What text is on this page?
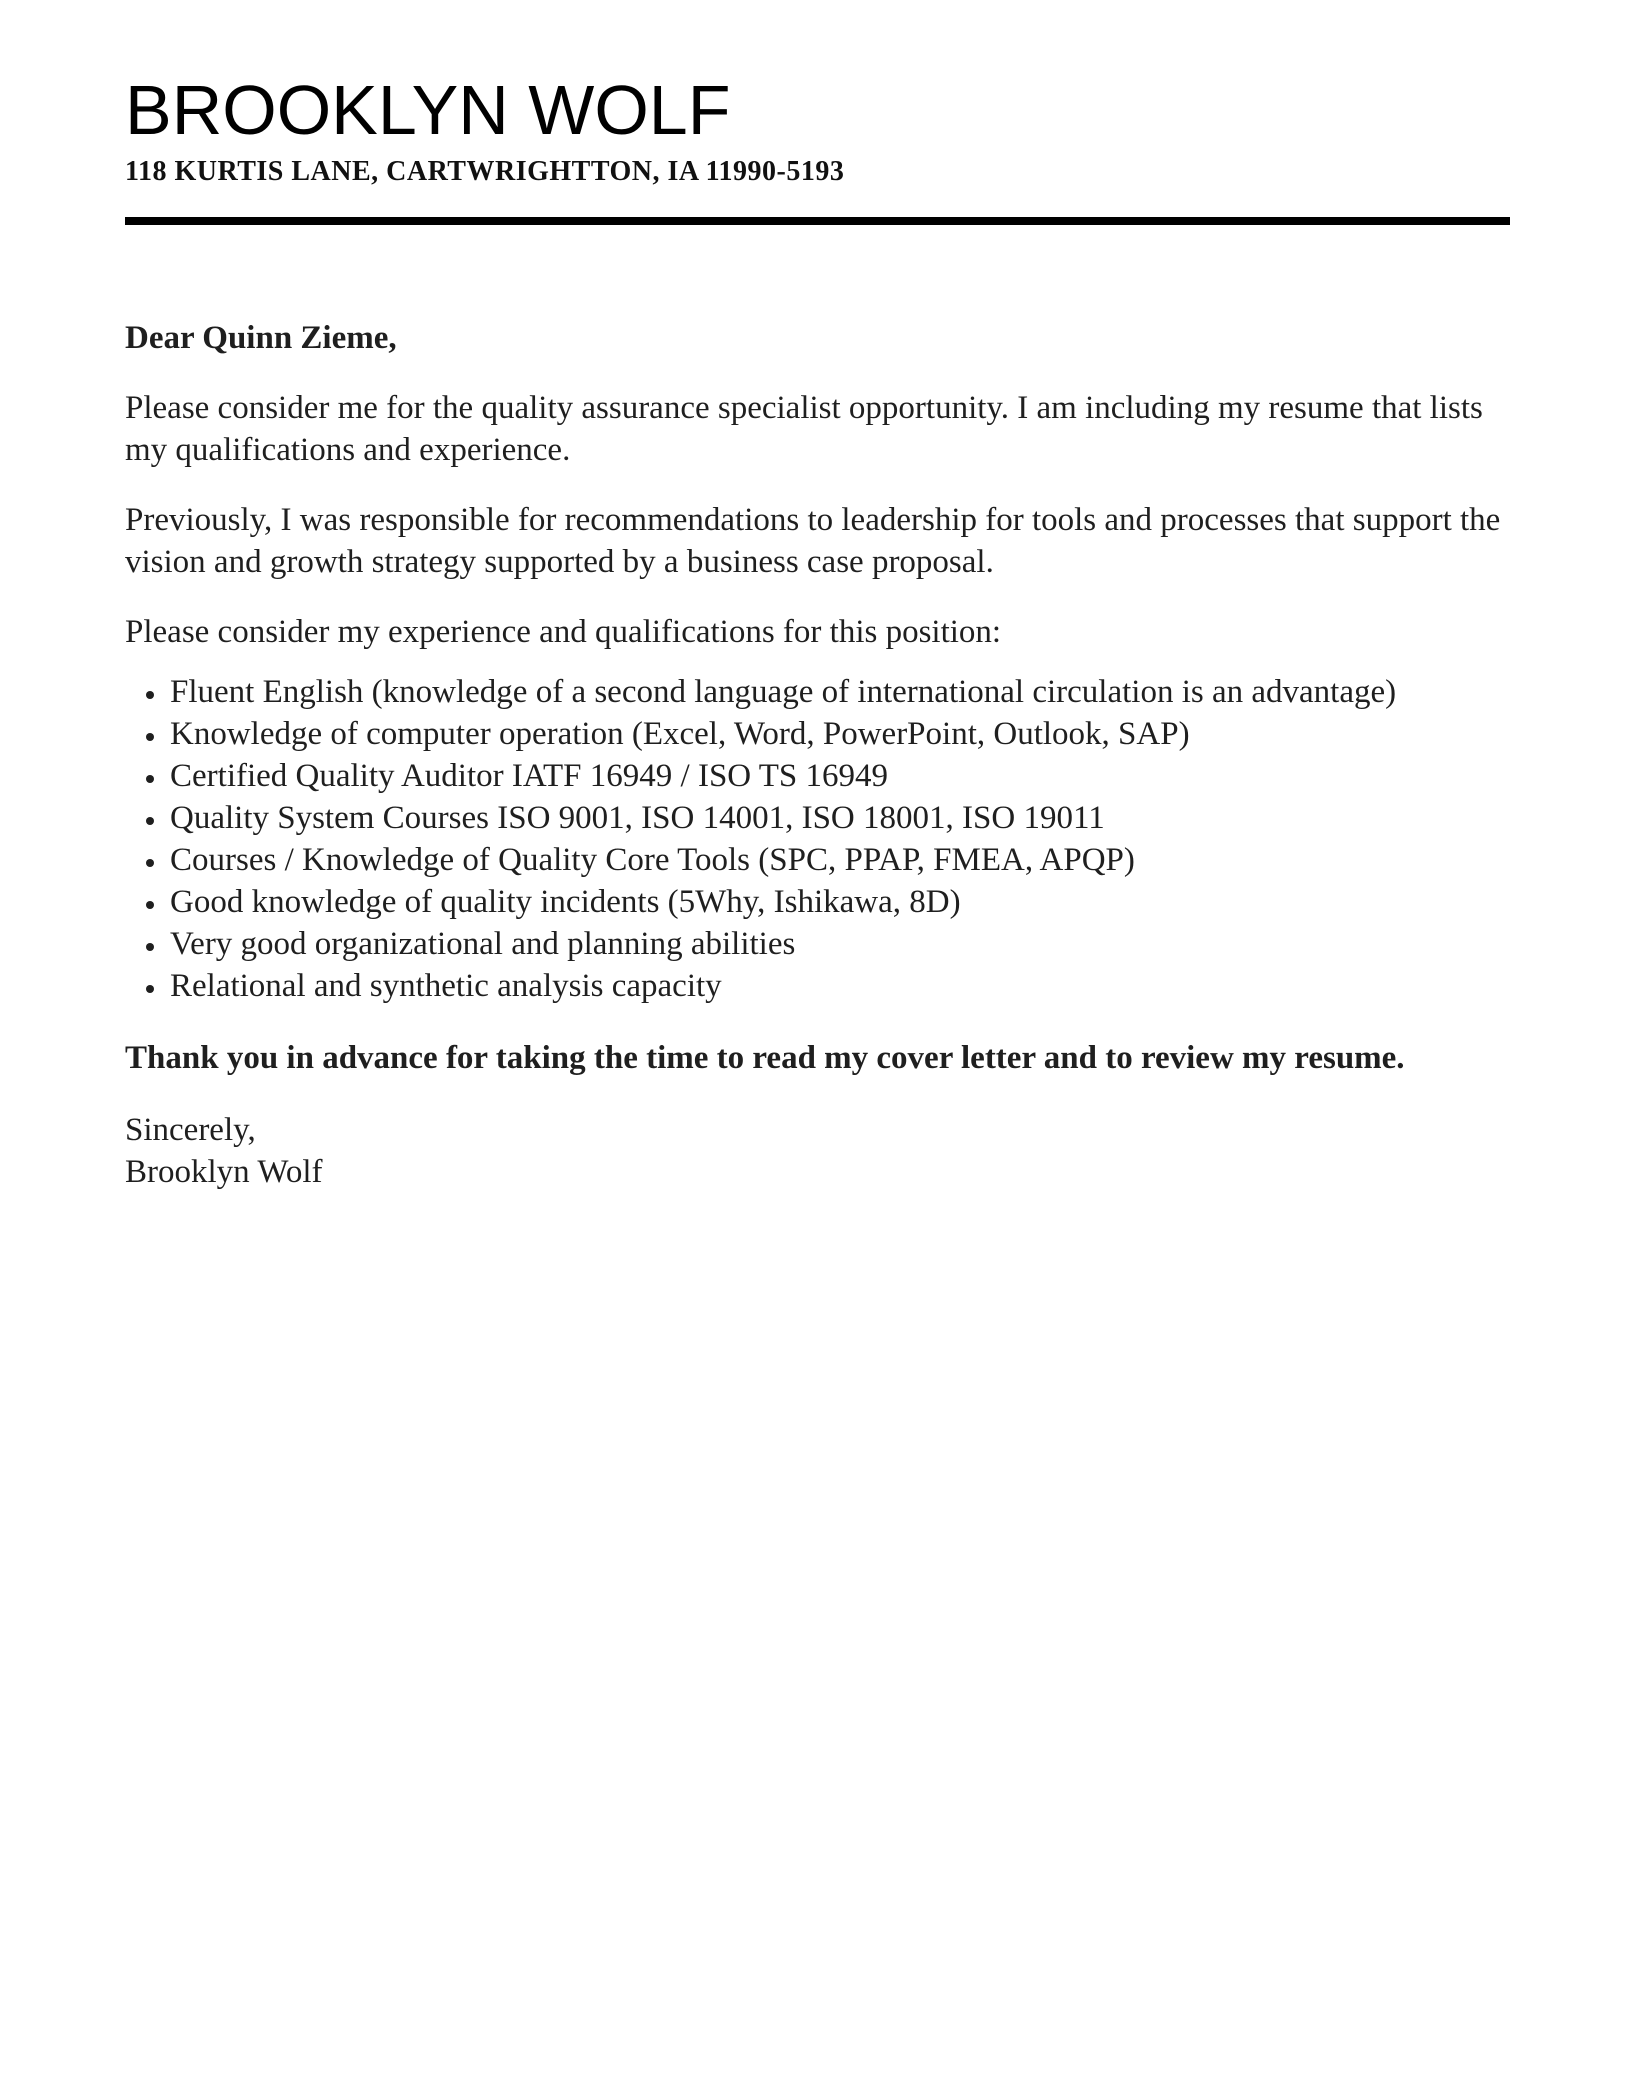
BROOKLYN WOLF
118 KURTIS LANE, CARTWRIGHTTON, IA 11990-5193

Dear Quinn Zieme,

Please consider me for the quality assurance specialist opportunity. I am including my resume that lists my qualifications and experience.

Previously, I was responsible for recommendations to leadership for tools and processes that support the vision and growth strategy supported by a business case proposal.

Please consider my experience and qualifications for this position:

• Fluent English (knowledge of a second language of international circulation is an advantage)
• Knowledge of computer operation (Excel, Word, PowerPoint, Outlook, SAP)
• Certified Quality Auditor IATF 16949 / ISO TS 16949
• Quality System Courses ISO 9001, ISO 14001, ISO 18001, ISO 19011
• Courses / Knowledge of Quality Core Tools (SPC, PPAP, FMEA, APQP)
• Good knowledge of quality incidents (5Why, Ishikawa, 8D)
• Very good organizational and planning abilities
• Relational and synthetic analysis capacity

Thank you in advance for taking the time to read my cover letter and to review my resume.

Sincerely,
Brooklyn Wolf
